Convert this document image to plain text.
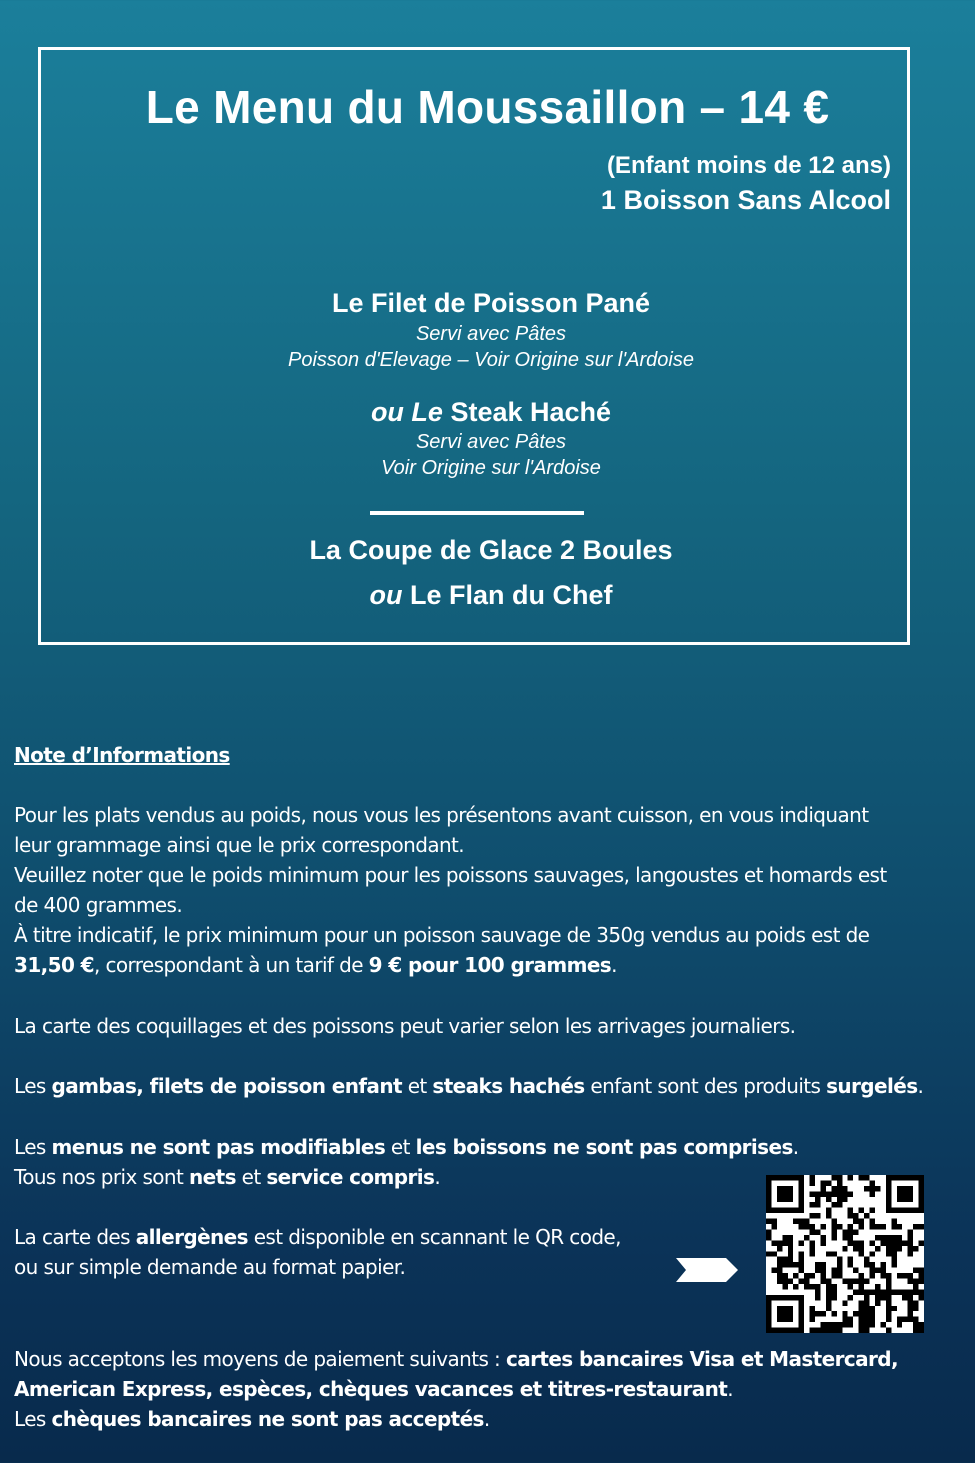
Le Menu du Moussaillon – 14 €
(Enfant moins de 12 ans)
1 Boisson Sans Alcool
Le Filet de Poisson Pané
Servi avec Pâtes
Poisson d'Elevage – Voir Origine sur l'Ardoise
ou Le Steak Haché
Servi avec Pâtes
Voir Origine sur l'Ardoise
La Coupe de Glace 2 Boules
ou Le Flan du Chef
Note d’Informations
Pour les plats vendus au poids, nous vous les présentons avant cuisson, en vous indiquant
leur grammage ainsi que le prix correspondant.
Veuillez noter que le poids minimum pour les poissons sauvages, langoustes et homards est
de 400 grammes.
À titre indicatif, le prix minimum pour un poisson sauvage de 350g vendus au poids est de
31,50 €, correspondant à un tarif de 9 € pour 100 grammes.
La carte des coquillages et des poissons peut varier selon les arrivages journaliers.
Les gambas, filets de poisson enfant et steaks hachés enfant sont des produits surgelés.
Les menus ne sont pas modifiables et les boissons ne sont pas comprises.
Tous nos prix sont nets et service compris.
La carte des allergènes est disponible en scannant le QR code,
ou sur simple demande au format papier.
Nous acceptons les moyens de paiement suivants : cartes bancaires Visa et Mastercard,
American Express, espèces, chèques vacances et titres-restaurant.
Les chèques bancaires ne sont pas acceptés.
